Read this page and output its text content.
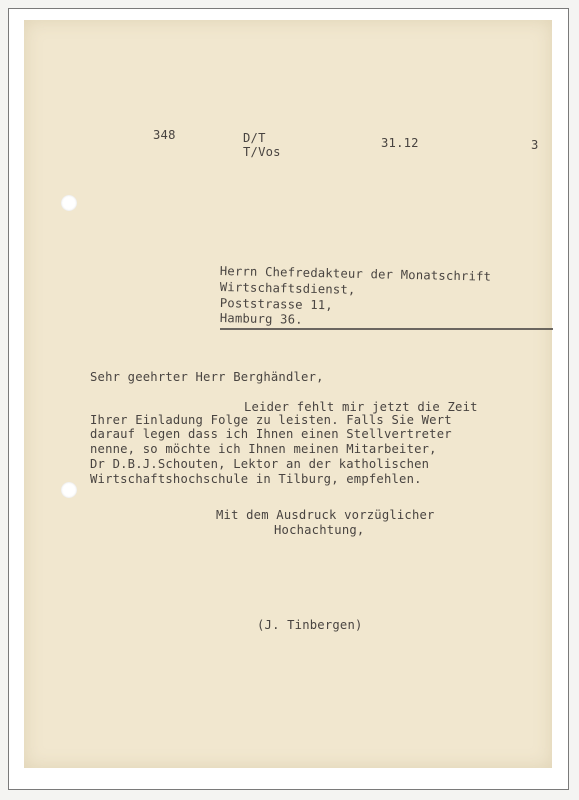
348	D/T
T/Vos
31.12	3
Herrn Chefredakteur der Monatschrift
Wirtschaftsdienst,
Poststrasse 11,
Hamburg 36.
Sehr geehrter Herr Berghändler,
Leider fehlt mir jetzt die Zeit
Ihrer Einladung Folge zu leisten. Falls Sie Wert
darauf legen dass ich Ihnen einen Stellvertreter
nenne, so möchte ich Ihnen meinen Mitarbeiter,
Dr D.B.J.Schouten, Lektor an der katholischen
Wirtschaftshochschule in Tilburg, empfehlen.
Mit dem Ausdruck vorzüglicher
Hochachtung,
(J. Tinbergen)
